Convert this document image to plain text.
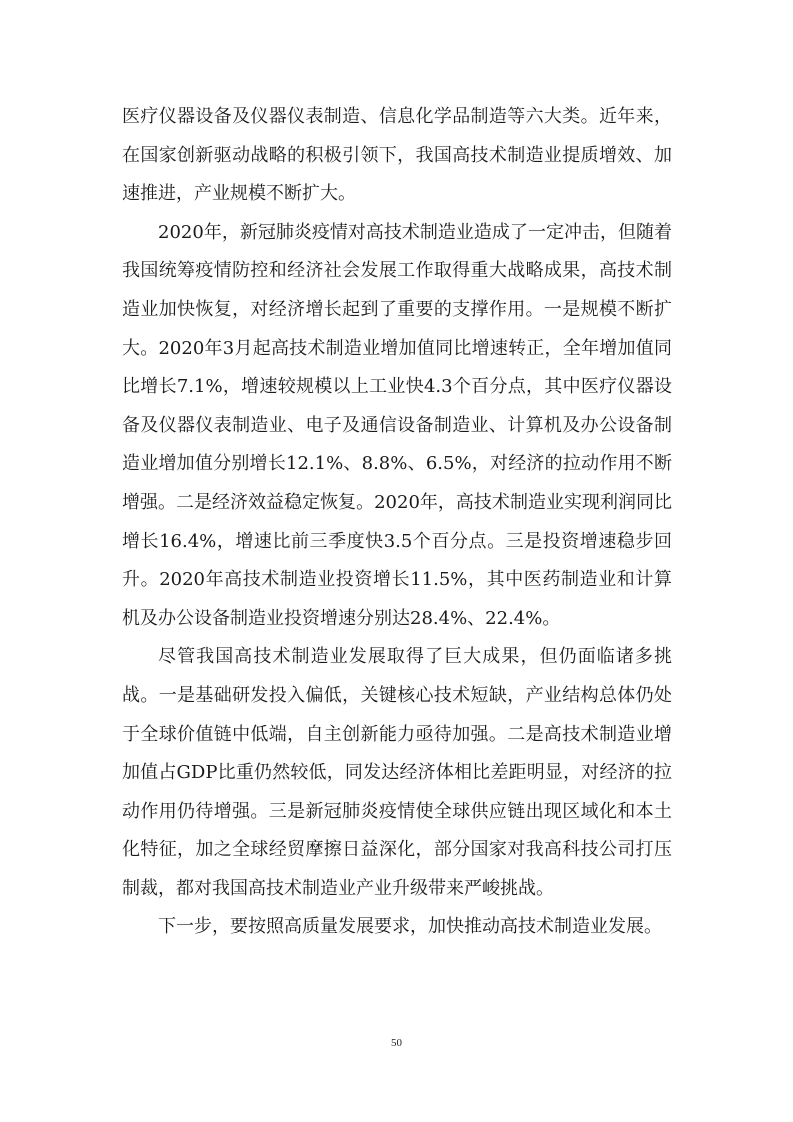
医疗仪器设备及仪器仪表制造、信息化学品制造等六大类。近年来，在国家创新驱动战略的积极引领下，我国高技术制造业提质增效、加速推进，产业规模不断扩大。

2020年，新冠肺炎疫情对高技术制造业造成了一定冲击，但随着我国统筹疫情防控和经济社会发展工作取得重大战略成果，高技术制造业加快恢复，对经济增长起到了重要的支撑作用。一是规模不断扩大。2020年3月起高技术制造业增加值同比增速转正，全年增加值同比增长7.1%，增速较规模以上工业快4.3个百分点，其中医疗仪器设备及仪器仪表制造业、电子及通信设备制造业、计算机及办公设备制造业增加值分别增长12.1%、8.8%、6.5%，对经济的拉动作用不断增强。二是经济效益稳定恢复。2020年，高技术制造业实现利润同比增长16.4%，增速比前三季度快3.5个百分点。三是投资增速稳步回升。2020年高技术制造业投资增长11.5%，其中医药制造业和计算机及办公设备制造业投资增速分别达28.4%、22.4%。

尽管我国高技术制造业发展取得了巨大成果，但仍面临诸多挑战。一是基础研发投入偏低，关键核心技术短缺，产业结构总体仍处于全球价值链中低端，自主创新能力亟待加强。二是高技术制造业增加值占GDP比重仍然较低，同发达经济体相比差距明显，对经济的拉动作用仍待增强。三是新冠肺炎疫情使全球供应链出现区域化和本土化特征，加之全球经贸摩擦日益深化，部分国家对我高科技公司打压制裁，都对我国高技术制造业产业升级带来严峻挑战。

下一步，要按照高质量发展要求，加快推动高技术制造业发展。

50
